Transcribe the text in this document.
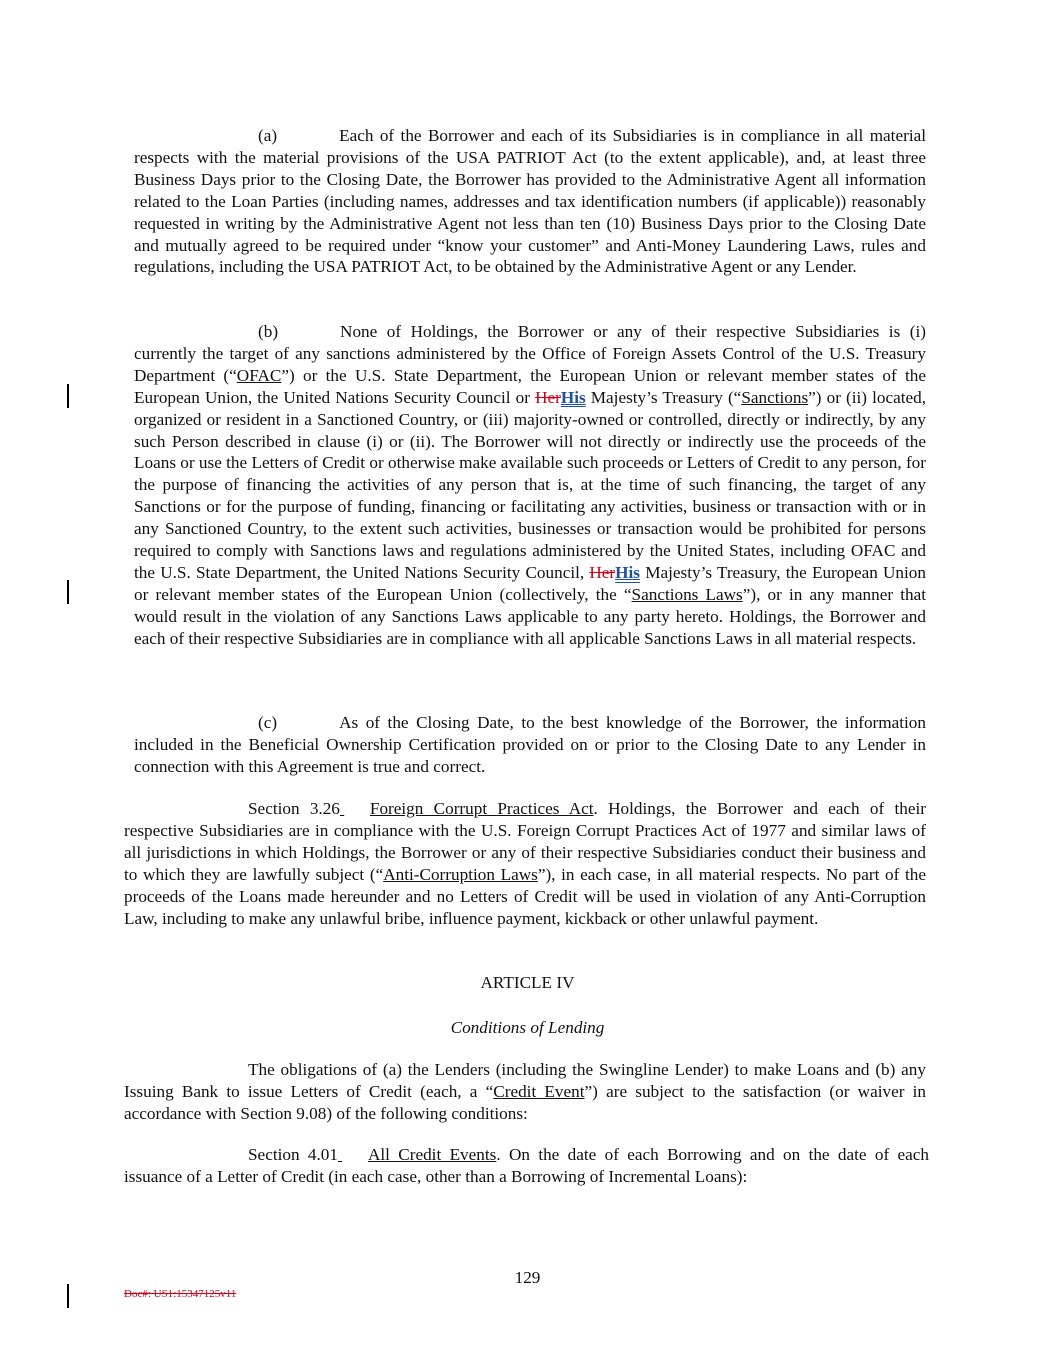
(a)	Each of the Borrower and each of its Subsidiaries is in compliance in all material respects with the material provisions of the USA PATRIOT Act (to the extent applicable), and, at least three Business Days prior to the Closing Date, the Borrower has provided to the Administrative Agent all information related to the Loan Parties (including names, addresses and tax identification numbers (if applicable)) reasonably requested in writing by the Administrative Agent not less than ten (10) Business Days prior to the Closing Date and mutually agreed to be required under “know your customer” and Anti-Money Laundering Laws, rules and regulations, including the USA PATRIOT Act, to be obtained by the Administrative Agent or any Lender.
(b)	None of Holdings, the Borrower or any of their respective Subsidiaries is (i) currently the target of any sanctions administered by the Office of Foreign Assets Control of the U.S. Treasury Department (“OFAC”) or the U.S. State Department, the European Union or relevant member states of the European Union, the United Nations Security Council or HerHis Majesty’s Treasury (“Sanctions”) or (ii) located, organized or resident in a Sanctioned Country, or (iii) majority-owned or controlled, directly or indirectly, by any such Person described in clause (i) or (ii). The Borrower will not directly or indirectly use the proceeds of the Loans or use the Letters of Credit or otherwise make available such proceeds or Letters of Credit to any person, for the purpose of financing the activities of any person that is, at the time of such financing, the target of any Sanctions or for the purpose of funding, financing or facilitating any activities, business or transaction with or in any Sanctioned Country, to the extent such activities, businesses or transaction would be prohibited for persons required to comply with Sanctions laws and regulations administered by the United States, including OFAC and the U.S. State Department, the United Nations Security Council, HerHis Majesty’s Treasury, the European Union or relevant member states of the European Union (collectively, the “Sanctions Laws”), or in any manner that would result in the violation of any Sanctions Laws applicable to any party hereto. Holdings, the Borrower and each of their respective Subsidiaries are in compliance with all applicable Sanctions Laws in all material respects.
(c)	As of the Closing Date, to the best knowledge of the Borrower, the information included in the Beneficial Ownership Certification provided on or prior to the Closing Date to any Lender in connection with this Agreement is true and correct.
Section 3.26 Foreign Corrupt Practices Act. Holdings, the Borrower and each of their respective Subsidiaries are in compliance with the U.S. Foreign Corrupt Practices Act of 1977 and similar laws of all jurisdictions in which Holdings, the Borrower or any of their respective Subsidiaries conduct their business and to which they are lawfully subject (“Anti-Corruption Laws”), in each case, in all material respects. No part of the proceeds of the Loans made hereunder and no Letters of Credit will be used in violation of any Anti-Corruption Law, including to make any unlawful bribe, influence payment, kickback or other unlawful payment.
ARTICLE IV
Conditions of Lending
The obligations of (a) the Lenders (including the Swingline Lender) to make Loans and (b) any Issuing Bank to issue Letters of Credit (each, a “Credit Event”) are subject to the satisfaction (or waiver in accordance with Section 9.08) of the following conditions:
Section 4.01 All Credit Events. On the date of each Borrowing and on the date of each issuance of a Letter of Credit (in each case, other than a Borrowing of Incremental Loans):
129
Doc#: US1:15347125v11
